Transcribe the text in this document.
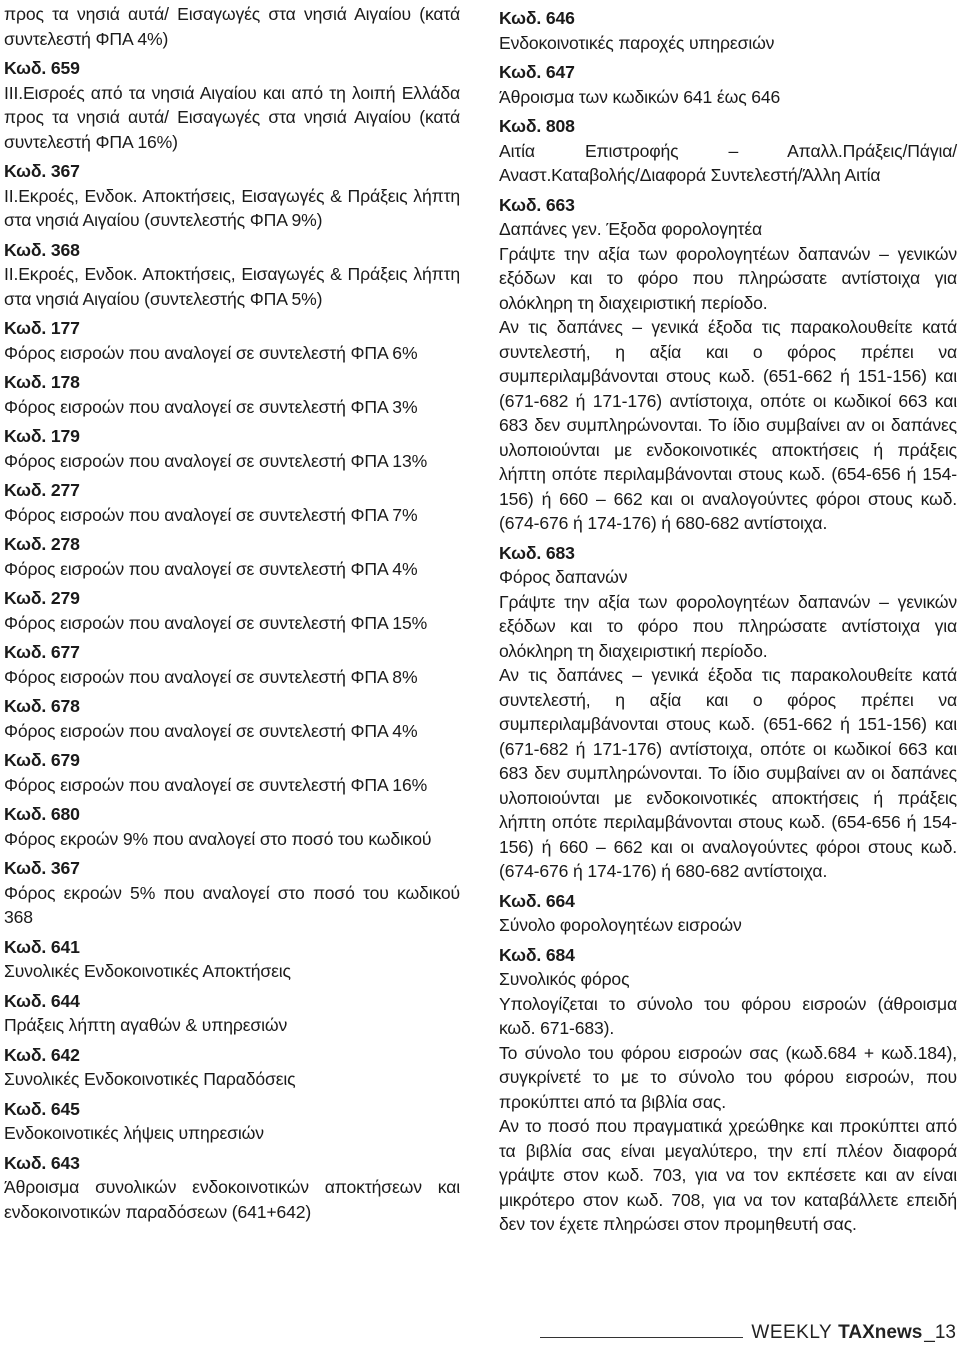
προς τα νησιά αυτά/ Εισαγωγές στα νησιά Αιγαίου (κατά συντελεστή ΦΠΑ 4%)

Κωδ. 659

ΙΙΙ.Εισροές από τα νησιά Αιγαίου και από τη λοιπή Ελλάδα προς τα νησιά αυτά/ Εισαγωγές στα νησιά Αιγαίου (κατά συντελεστή ΦΠΑ 16%)

Κωδ. 367

ΙΙ.Εκροές, Ενδοκ. Αποκτήσεις, Εισαγωγές & Πράξεις λήπτη στα νησιά Αιγαίου (συντελεστής ΦΠΑ 9%)

Κωδ. 368

ΙΙ.Εκροές, Ενδοκ. Αποκτήσεις, Εισαγωγές & Πράξεις λήπτη στα νησιά Αιγαίου (συντελεστής ΦΠΑ 5%)

Κωδ. 177

Φόρος εισροών που αναλογεί σε συντελεστή ΦΠΑ 6%

Κωδ. 178

Φόρος εισροών που αναλογεί σε συντελεστή ΦΠΑ 3%

Κωδ. 179

Φόρος εισροών που αναλογεί σε συντελεστή ΦΠΑ 13%

Κωδ. 277

Φόρος εισροών που αναλογεί σε συντελεστή ΦΠΑ 7%

Κωδ. 278

Φόρος εισροών που αναλογεί σε συντελεστή ΦΠΑ 4%

Κωδ. 279

Φόρος εισροών που αναλογεί σε συντελεστή ΦΠΑ 15%

Κωδ. 677

Φόρος εισροών που αναλογεί σε συντελεστή ΦΠΑ 8%

Κωδ. 678

Φόρος εισροών που αναλογεί σε συντελεστή ΦΠΑ 4%

Κωδ. 679

Φόρος εισροών που αναλογεί σε συντελεστή ΦΠΑ 16%

Κωδ. 680

Φόρος εκροών 9% που αναλογεί στο ποσό του κωδικού

Κωδ. 367

Φόρος εκροών 5% που αναλογεί στο ποσό του κωδικού 368

Κωδ. 641

Συνολικές Ενδοκοινοτικές Αποκτήσεις

Κωδ. 644

Πράξεις λήπτη αγαθών & υπηρεσιών

Κωδ. 642

Συνολικές Ενδοκοινοτικές Παραδόσεις

Κωδ. 645

Ενδοκοινοτικές λήψεις υπηρεσιών

Κωδ. 643

Άθροισμα συνολικών ενδοκοινοτικών αποκτήσεων και ενδοκοινοτικών παραδόσεων (641+642)

Κωδ. 646

Ενδοκοινοτικές παροχές υπηρεσιών

Κωδ. 647

Άθροισμα των κωδικών 641 έως 646

Κωδ. 808

Αιτία Επιστροφής – Απαλλ.Πράξεις/Πάγια/Αναστ.Καταβολής/Διαφορά Συντελεστή/Άλλη Αιτία

Κωδ. 663

Δαπάνες γεν. Έξοδα φορολογητέα

Γράψτε την αξία των φορολογητέων δαπανών – γενικών εξόδων και το φόρο που πληρώσατε αντίστοιχα για ολόκληρη τη διαχειριστική περίοδο.

Αν τις δαπάνες – γενικά έξοδα τις παρακολουθείτε κατά συντελεστή, η αξία και ο φόρος πρέπει να συμπεριλαμβάνονται στους κωδ. (651-662 ή 151-156) και (671-682 ή 171-176) αντίστοιχα, οπότε οι κωδικοί 663 και 683 δεν συμπληρώνονται. Το ίδιο συμβαίνει αν οι δαπάνες υλοποιούνται με ενδοκοινοτικές αποκτήσεις ή πράξεις λήπτη οπότε περιλαμβάνονται στους κωδ. (654-656 ή 154-156) ή 660 – 662 και οι αναλογούντες φόροι στους κωδ. (674-676 ή 174-176) ή 680-682 αντίστοιχα.

Κωδ. 683

Φόρος δαπανών

Γράψτε την αξία των φορολογητέων δαπανών – γενικών εξόδων και το φόρο που πληρώσατε αντίστοιχα για ολόκληρη τη διαχειριστική περίοδο.

Αν τις δαπάνες – γενικά έξοδα τις παρακολουθείτε κατά συντελεστή, η αξία και ο φόρος πρέπει να συμπεριλαμβάνονται στους κωδ. (651-662 ή 151-156) και (671-682 ή 171-176) αντίστοιχα, οπότε οι κωδικοί 663 και 683 δεν συμπληρώνονται. Το ίδιο συμβαίνει αν οι δαπάνες υλοποιούνται με ενδοκοινοτικές αποκτήσεις ή πράξεις λήπτη οπότε περιλαμβάνονται στους κωδ. (654-656 ή 154-156) ή 660 – 662 και οι αναλογούντες φόροι στους κωδ. (674-676 ή 174-176) ή 680-682 αντίστοιχα.

Κωδ. 664

Σύνολο φορολογητέων εισροών

Κωδ. 684

Συνολικός φόρος

Υπολογίζεται το σύνολο του φόρου εισροών (άθροισμα κωδ. 671-683).

Το σύνολο του φόρου εισροών σας (κωδ.684 + κωδ.184), συγκρίνετέ το με το σύνολο του φόρου εισροών, που προκύπτει από τα βιβλία σας.

Αν το ποσό που πραγματικά χρεώθηκε και προκύπτει από τα βιβλία σας είναι μεγαλύτερο, την επί πλέον διαφορά γράψτε στον κωδ. 703, για να τον εκπέσετε και αν είναι μικρότερο στον κωδ. 708, για να τον καταβάλλετε επειδή δεν τον έχετε πληρώσει στον προμηθευτή σας.

WEEKLY TAX news _13
